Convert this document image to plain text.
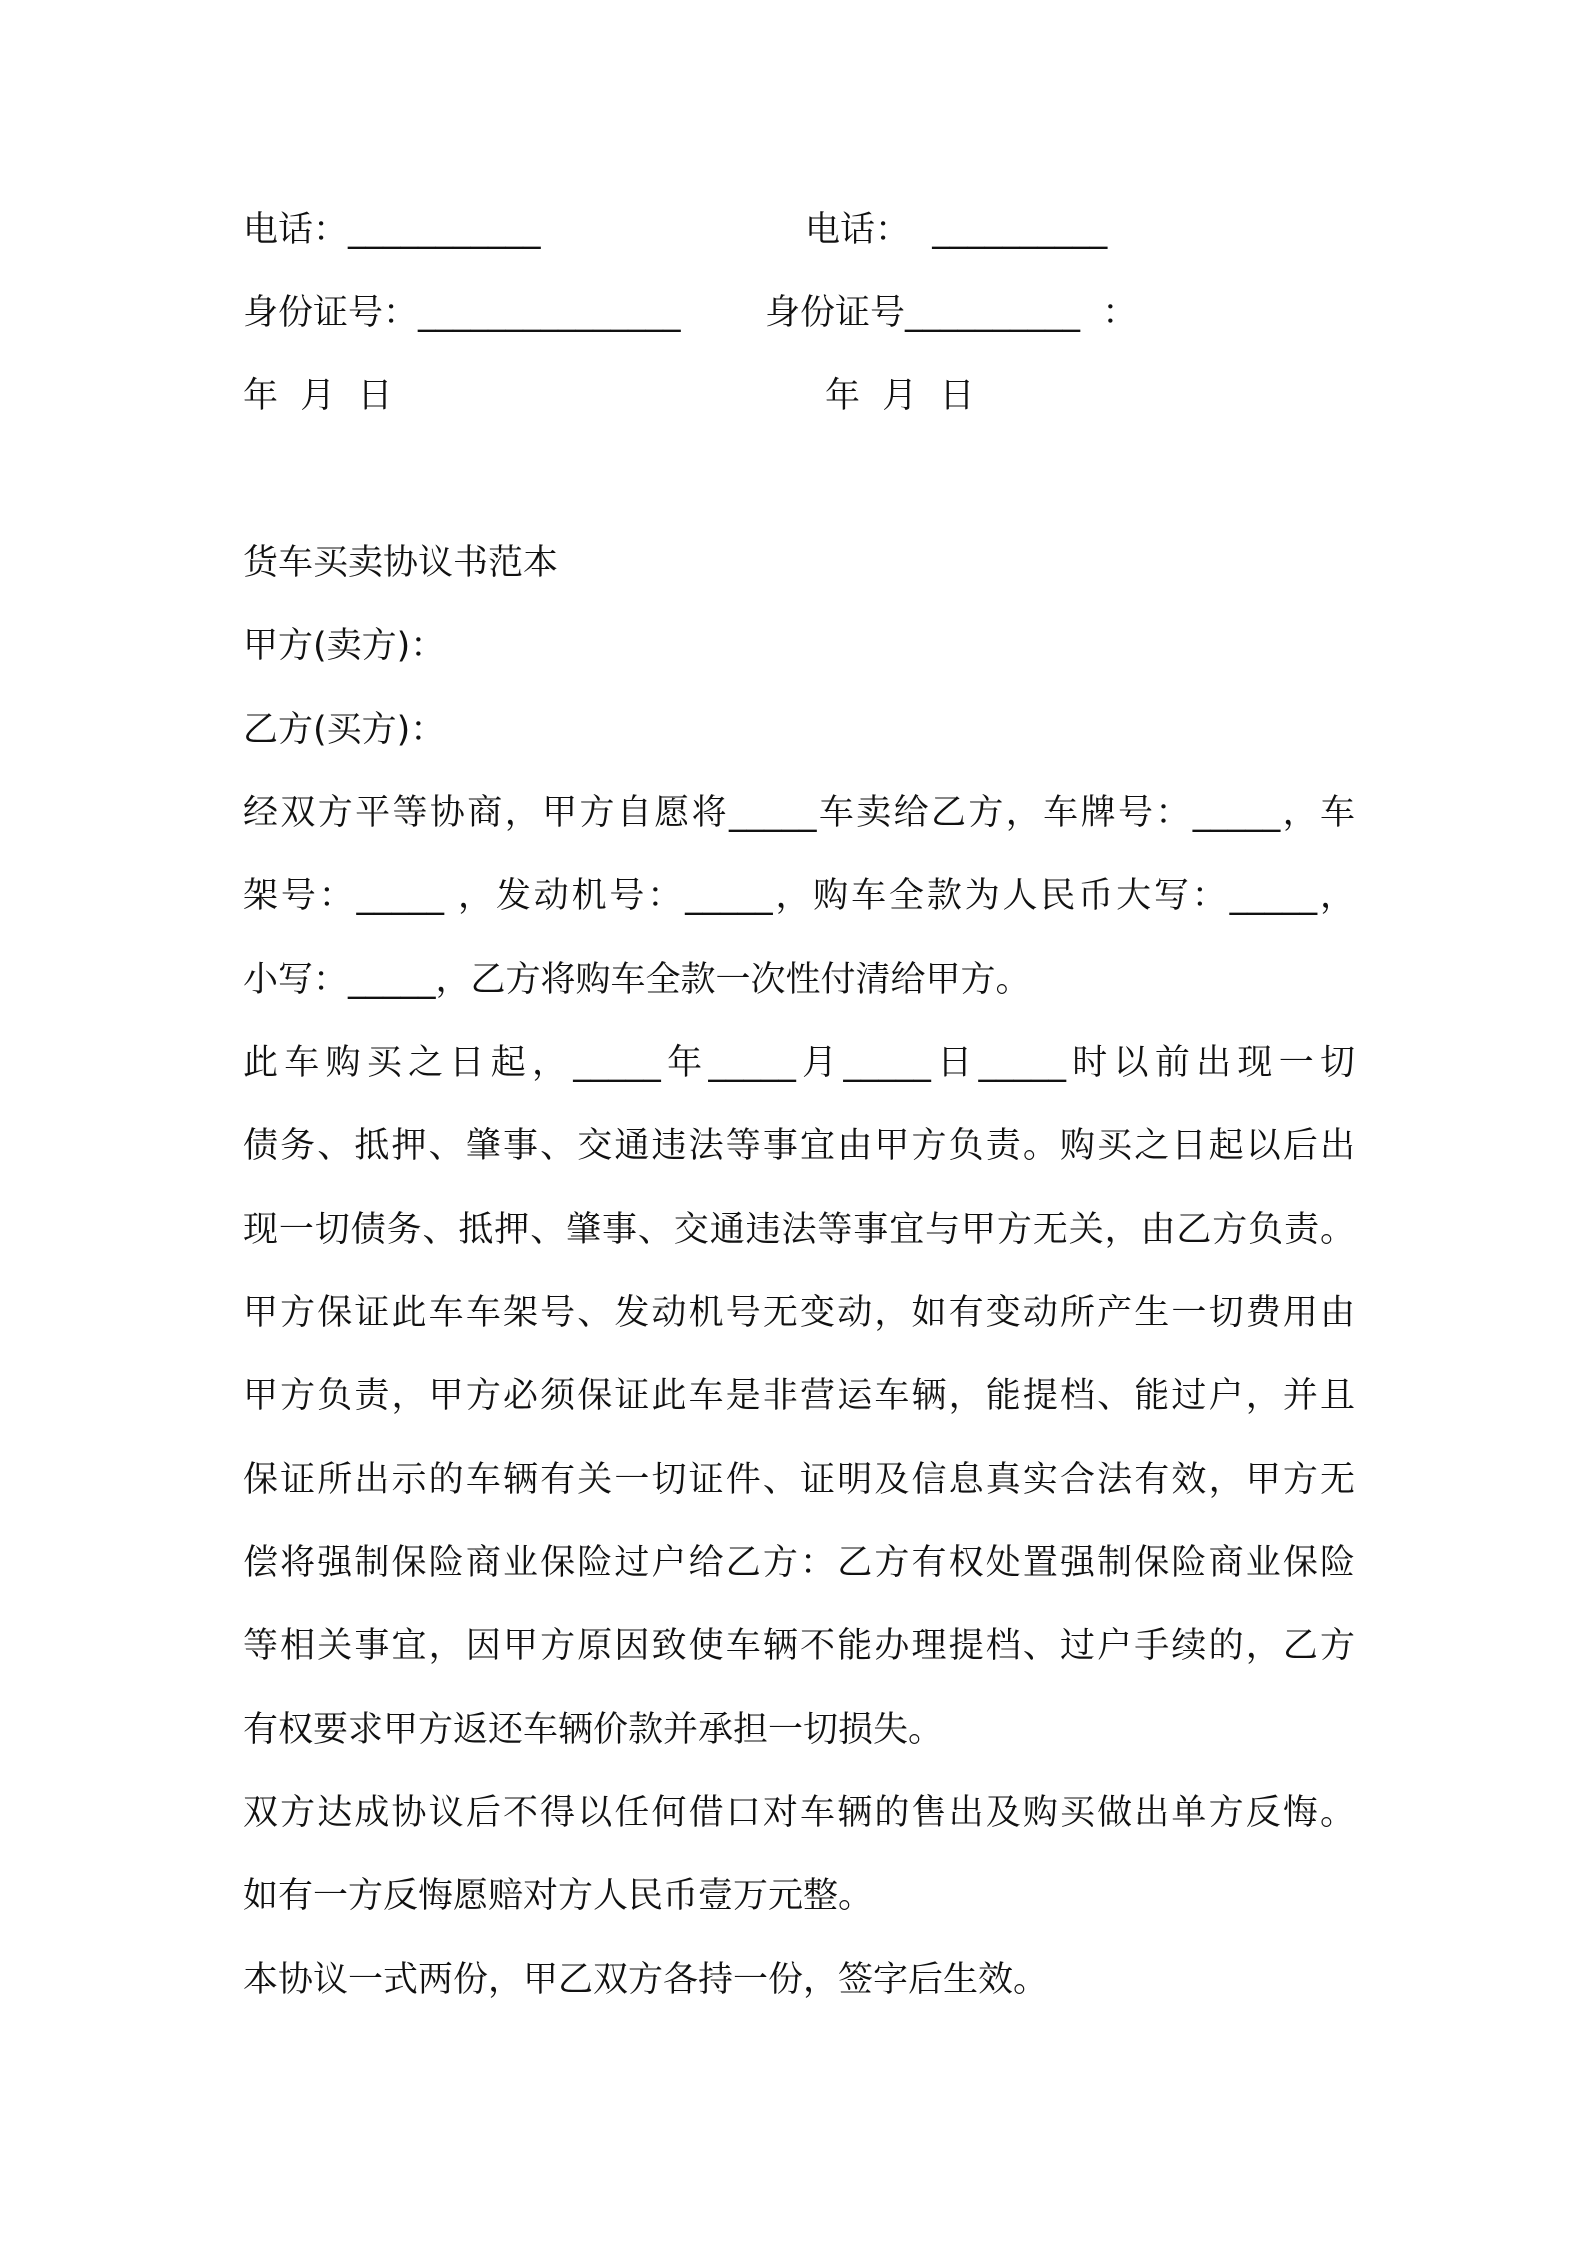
电话：___________	电话：  __________
身份证号：_______________ 身份证号__________  ：
年  月  日	年  月  日
货车买卖协议书范本
甲方(卖方)：
乙方(买方)：
经双方平等协商，甲方自愿将_____车卖给乙方，车牌号：_____，车
架号：_____ ，发动机号：_____，购车全款为人民币大写：_____，
小写：_____，乙方将购车全款一次性付清给甲方。
此车购买之日起，_____年_____月_____日_____时以前出现一切
债务、抵押、肇事、交通违法等事宜由甲方负责。购买之日起以后出
现一切债务、抵押、肇事、交通违法等事宜与甲方无关，由乙方负责。
甲方保证此车车架号、发动机号无变动，如有变动所产生一切费用由
甲方负责，甲方必须保证此车是非营运车辆，能提档、能过户，并且
保证所出示的车辆有关一切证件、证明及信息真实合法有效，甲方无
偿将强制保险商业保险过户给乙方：乙方有权处置强制保险商业保险
等相关事宜，因甲方原因致使车辆不能办理提档、过户手续的，乙方
有权要求甲方返还车辆价款并承担一切损失。
双方达成协议后不得以任何借口对车辆的售出及购买做出单方反悔。
如有一方反悔愿赔对方人民币壹万元整。
本协议一式两份，甲乙双方各持一份，签字后生效。
